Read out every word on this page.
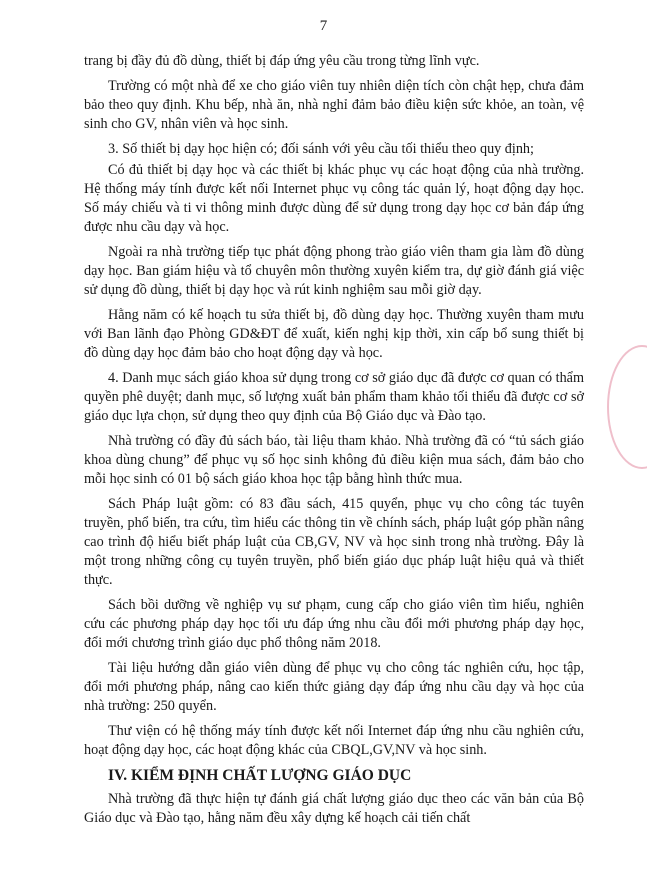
7

trang bị đầy đủ đồ dùng, thiết bị đáp ứng yêu cầu trong từng lĩnh vực.

Trường có một nhà để xe cho giáo viên tuy nhiên diện tích còn chật hẹp, chưa đảm bảo theo quy định. Khu bếp, nhà ăn, nhà nghỉ đảm bảo điều kiện sức khỏe, an toàn, vệ sinh cho GV, nhân viên và học sinh.

3. Số thiết bị dạy học hiện có; đối sánh với yêu cầu tối thiểu theo quy định;

Có đủ thiết bị dạy học và các thiết bị khác phục vụ các hoạt động của nhà trường. Hệ thống máy tính được kết nối Internet phục vụ công tác quản lý, hoạt động dạy học. Số máy chiếu và ti vi thông minh được dùng để sử dụng trong dạy học cơ bản đáp ứng được nhu cầu dạy và học.

Ngoài ra nhà trường tiếp tục phát động phong trào giáo viên tham gia làm đồ dùng dạy học. Ban giám hiệu và tổ chuyên môn thường xuyên kiểm tra, dự giờ đánh giá việc sử dụng đồ dùng, thiết bị dạy học và rút kinh nghiệm sau mỗi giờ dạy.

Hằng năm có kế hoạch tu sửa thiết bị, đồ dùng dạy học. Thường xuyên tham mưu với Ban lãnh đạo Phòng GD&ĐT để xuất, kiến nghị kịp thời, xin cấp bổ sung thiết bị đồ dùng dạy học đảm bảo cho hoạt động dạy và học.

4. Danh mục sách giáo khoa sử dụng trong cơ sở giáo dục đã được cơ quan có thẩm quyền phê duyệt; danh mục, số lượng xuất bản phẩm tham khảo tối thiểu đã được cơ sở giáo dục lựa chọn, sử dụng theo quy định của Bộ Giáo dục và Đào tạo.

Nhà trường có đầy đủ sách báo, tài liệu tham khảo. Nhà trường đã có “tủ sách giáo khoa dùng chung” để phục vụ số học sinh không đủ điều kiện mua sách, đảm bảo cho mỗi học sinh có 01 bộ sách giáo khoa học tập bằng hình thức mua.

Sách Pháp luật gồm: có 83 đầu sách, 415 quyển, phục vụ cho công tác tuyên truyền, phổ biến, tra cứu, tìm hiểu các thông tin về chính sách, pháp luật góp phần nâng cao trình độ hiểu biết pháp luật của CB,GV, NV và học sinh trong nhà trường. Đây là một trong những công cụ tuyên truyền, phổ biến giáo dục pháp luật hiệu quả và thiết thực.

Sách bồi dưỡng về nghiệp vụ sư phạm, cung cấp cho giáo viên tìm hiểu, nghiên cứu các phương pháp dạy học tối ưu đáp ứng nhu cầu đổi mới phương pháp dạy học, đổi mới chương trình giáo dục phổ thông năm 2018.

Tài liệu hướng dẫn giáo viên dùng để phục vụ cho công tác nghiên cứu, học tập, đổi mới phương pháp, nâng cao kiến thức giảng dạy đáp ứng nhu cầu dạy và học của nhà trường: 250 quyển.

Thư viện có hệ thống máy tính được kết nối Internet đáp ứng nhu cầu nghiên cứu, hoạt động dạy học, các hoạt động khác của CBQL,GV,NV và học sinh.

IV. KIỂM ĐỊNH CHẤT LƯỢNG GIÁO DỤC

Nhà trường đã thực hiện tự đánh giá chất lượng giáo dục theo các văn bản của Bộ Giáo dục và Đào tạo, hằng năm đều xây dựng kế hoạch cải tiến chất
